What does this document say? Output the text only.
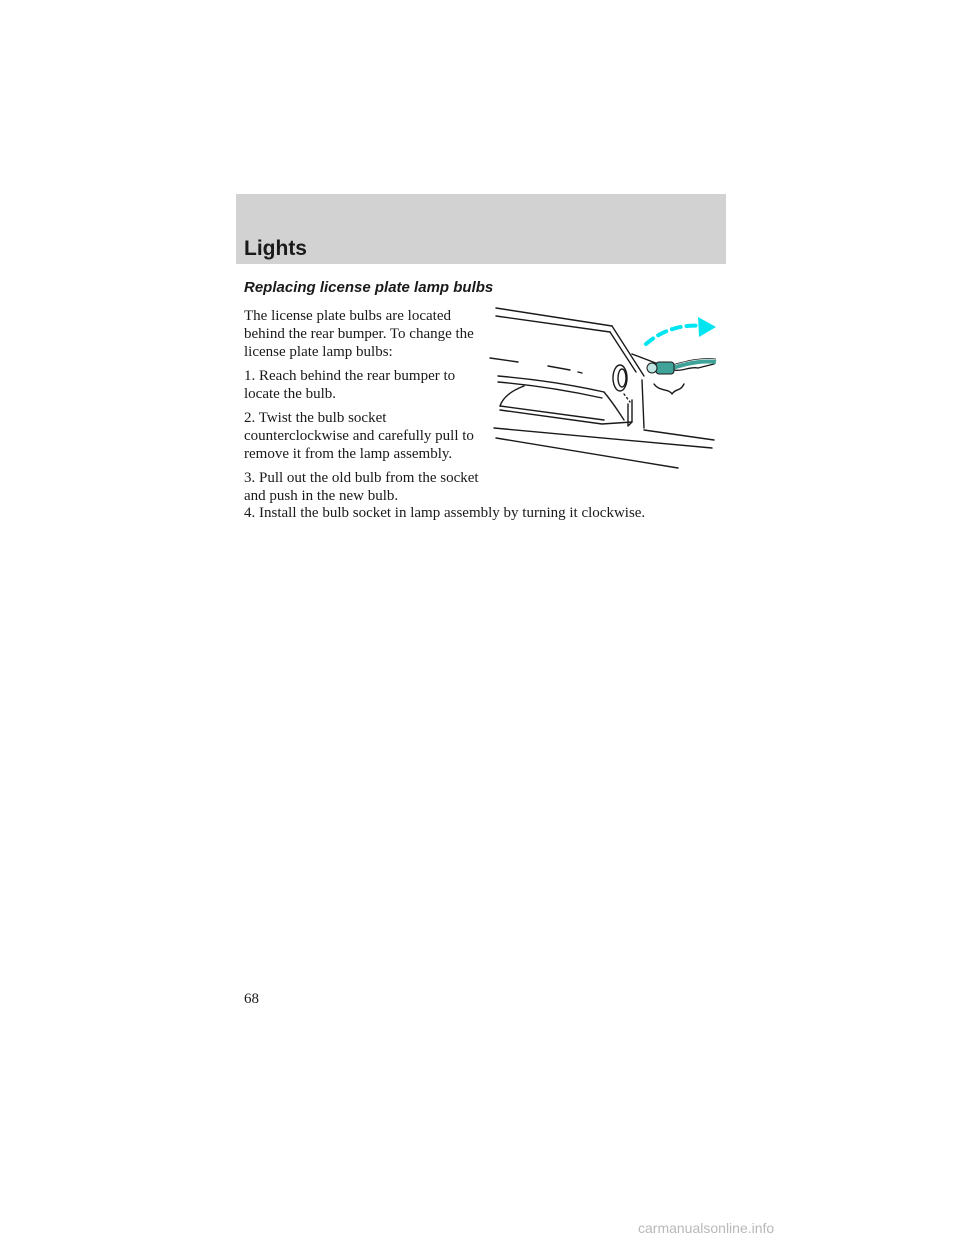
Lights
Replacing license plate lamp bulbs

The license plate bulbs are located behind the rear bumper. To change the license plate lamp bulbs:

1. Reach behind the rear bumper to locate the bulb.

2. Twist the bulb socket counterclockwise and carefully pull to remove it from the lamp assembly.

3. Pull out the old bulb from the socket and push in the new bulb.

4. Install the bulb socket in lamp assembly by turning it clockwise.

68

carmanualsonline.info
